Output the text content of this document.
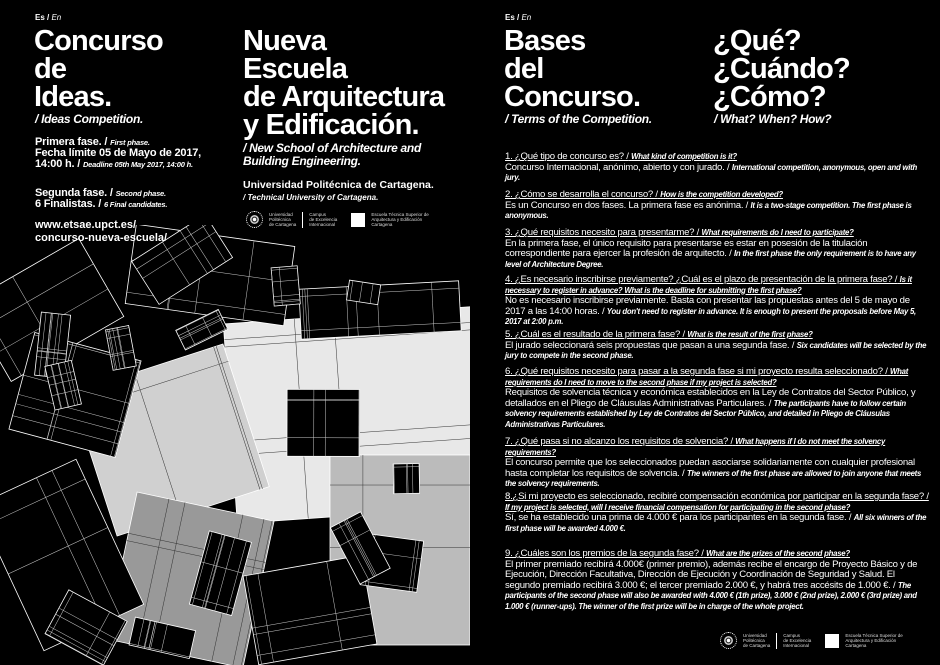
Es / En
Concurso
de
Ideas.
/ Ideas Competition.
Primera fase. / First phase.
Fecha límite 05 de Mayo de 2017,
14:00 h. / Deadline 05th May 2017, 14:00 h.
Segunda fase. / Second phase.
6 Finalistas. / 6 Final candidates.
www.etsae.upct.es/
concurso-nueva-escuela/
Nueva
Escuela
de Arquitectura
y Edificación.
/ New School of Architecture and
Building Engineering.
Universidad Politécnica de Cartagena.
/ Technical University of Cartagena.
Universidad
Politécnica
de Cartagena
Campus
de Excelencia
Internacional
Escuela Técnica Superior de
Arquitectura y Edificación
Cartagena
Es / En
Bases
del
Concurso.
/ Terms of the Competition.
¿Qué?
¿Cuándo?
¿Cómo?
/ What? When? How?
1. ¿Qué tipo de concurso es? / What kind of competition is it?
Concurso Internacional, anónimo, abierto y con jurado. / International competition, anonymous, open and with jury.
2. ¿Cómo se desarrolla el concurso? / How is the competition developed?
Es un Concurso en dos fases. La primera fase es anónima. / It is a two-stage competition. The first phase is anonymous.
3. ¿Qué requisitos necesito para presentarme? / What requirements do I need to participate?
En la primera fase, el único requisito para presentarse es estar en posesión de la titulación correspondiente para ejercer la profesión de arquitecto. / In the first phase the only requirement is to have any level of Architecture Degree.
4. ¿Es necesario inscribirse previamente? ¿Cuál es el plazo de presentación de la primera fase? / Is it necessary to register in advance? What is the deadline for submitting the first phase?
No es necesario inscribirse previamente. Basta con presentar las propuestas antes del 5 de mayo de 2017 a las 14:00 horas. / You don't need to register in advance. It is enough to present the proposals before May 5, 2017 at 2:00 p.m.
5. ¿Cuál es el resultado de la primera fase? / What is the result of the first phase?
El jurado seleccionará seis propuestas que pasan a una segunda fase. / Six candidates will be selected by the jury to compete in the second phase.
6. ¿Qué requisitos necesito para pasar a la segunda fase si mi proyecto resulta seleccionado? / What requirements do I need to move to the second phase if my project is selected?
Requisitos de solvencia técnica y económica establecidos en la Ley de Contratos del Sector Público, y detallados en el Pliego de Cláusulas Administrativas Particulares. / The participants have to follow certain solvency requirements established by Ley de Contratos del Sector Público, and detailed in Pliego de Cláusulas Administrativas Particulares.
7. ¿Qué pasa si no alcanzo los requisitos de solvencia? / What happens if I do not meet the solvency requirements?
El concurso permite que los seleccionados puedan asociarse solidariamente con cualquier profesional hasta completar los requisitos de solvencia. / The winners of the first phase are allowed to join anyone that meets the solvency requirements.
8.¿Si mi proyecto es seleccionado, recibiré compensación económica por participar en la segunda fase? / If my project is selected, will I receive financial compensation for participating in the second phase?
Sí, se ha establecido una prima de 4.000 € para los participantes en la segunda fase. / All six winners of the first phase will be awarded 4.000 €.
9. ¿Cuáles son los premios de la segunda fase? / What are the prizes of the second phase?
El primer premiado recibirá 4.000€ (primer premio), además recibe el encargo de Proyecto Básico y de Ejecución, Dirección Facultativa, Dirección de Ejecución y Coordinación de Seguridad y Salud. El segundo premiado recibirá 3.000 €; el tercer premiado 2.000 €, y habrá tres accésits de 1.000 €. / The participants of the second phase will also be awarded with 4.000 € (1th prize), 3.000 € (2nd prize), 2.000 € (3rd prize) and 1.000 € (runner-ups). The winner of the first prize will be in charge of the whole project.
Universidad
Politécnica
de Cartagena
Campus
de Excelencia
Internacional
Escuela Técnica Superior de
Arquitectura y Edificación
Cartagena
